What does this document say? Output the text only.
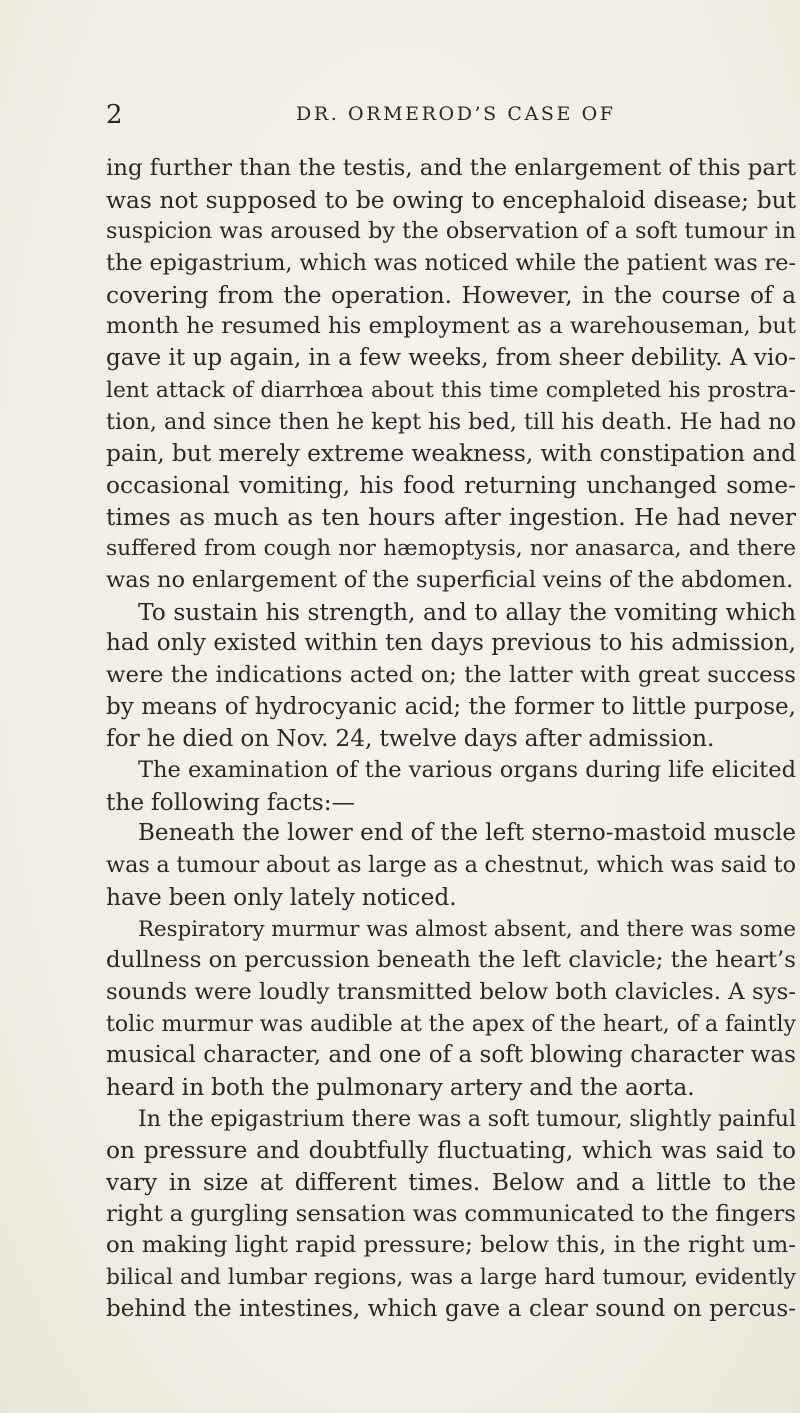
2	DR. ORMEROD’S CASE OF
ing further than the testis, and the enlargement of this part
was not supposed to be owing to encephaloid disease; but
suspicion was aroused by the observation of a soft tumour in
the epigastrium, which was noticed while the patient was re-
covering from the operation. However, in the course of a
month he resumed his employment as a warehouseman, but
gave it up again, in a few weeks, from sheer debility. A vio-
lent attack of diarrhœa about this time completed his prostra-
tion, and since then he kept his bed, till his death. He had no
pain, but merely extreme weakness, with constipation and
occasional vomiting, his food returning unchanged some-
times as much as ten hours after ingestion. He had never
suffered from cough nor hæmoptysis, nor anasarca, and there
was no enlargement of the superficial veins of the abdomen.
To sustain his strength, and to allay the vomiting which
had only existed within ten days previous to his admission,
were the indications acted on; the latter with great success
by means of hydrocyanic acid; the former to little purpose,
for he died on Nov. 24, twelve days after admission.
The examination of the various organs during life elicited
the following facts:—
Beneath the lower end of the left sterno-mastoid muscle
was a tumour about as large as a chestnut, which was said to
have been only lately noticed.
Respiratory murmur was almost absent, and there was some
dullness on percussion beneath the left clavicle; the heart’s
sounds were loudly transmitted below both clavicles. A sys-
tolic murmur was audible at the apex of the heart, of a faintly
musical character, and one of a soft blowing character was
heard in both the pulmonary artery and the aorta.
In the epigastrium there was a soft tumour, slightly painful
on pressure and doubtfully fluctuating, which was said to
vary in size at different times. Below and a little to the
right a gurgling sensation was communicated to the fingers
on making light rapid pressure; below this, in the right um-
bilical and lumbar regions, was a large hard tumour, evidently
behind the intestines, which gave a clear sound on percus-
